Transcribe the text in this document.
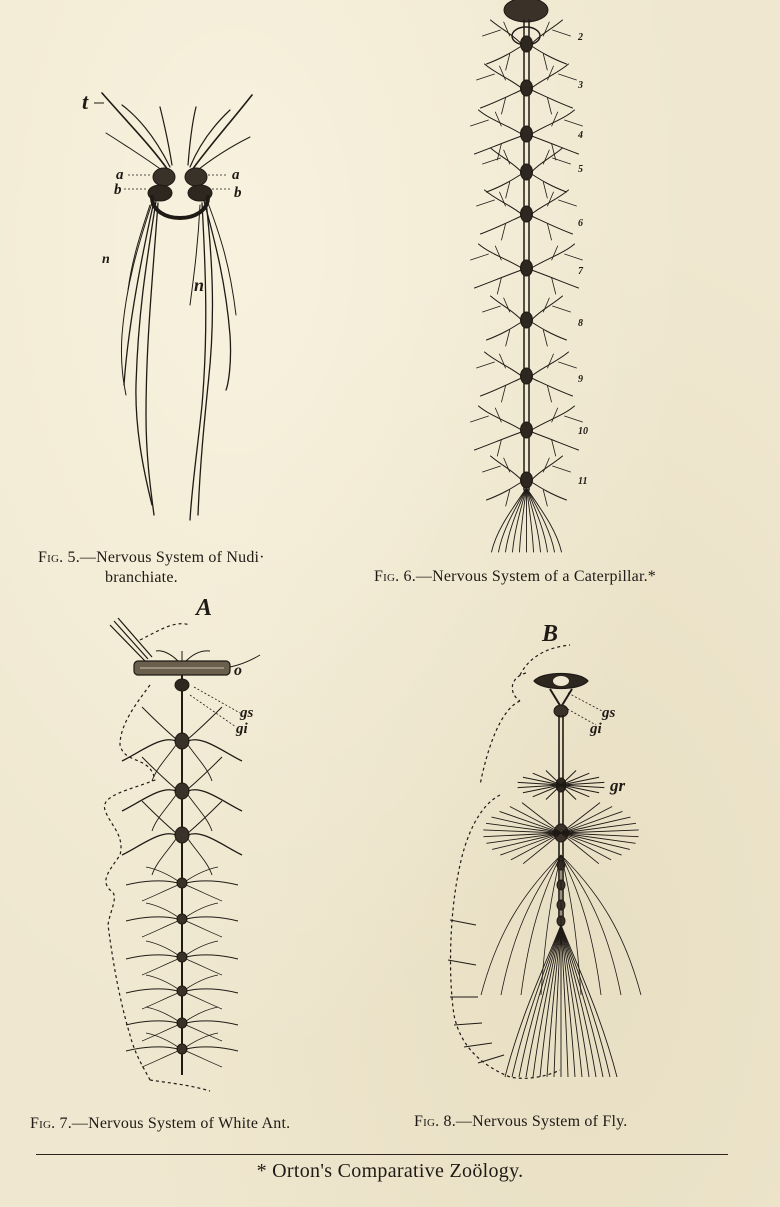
t
a
b
a
b
n
n
Fig. 5.—Nervous System of Nudi·
branchiate.
2
3
4
5
6
7
8
9
10
11
Fig. 6.—Nervous System of a Caterpillar.*
A
o
gs
gi
Fig. 7.—Nervous System of White Ant.
B
gs
gi
gr
Fig. 8.—Nervous System of Fly.
* Orton's Comparative Zoölogy.
